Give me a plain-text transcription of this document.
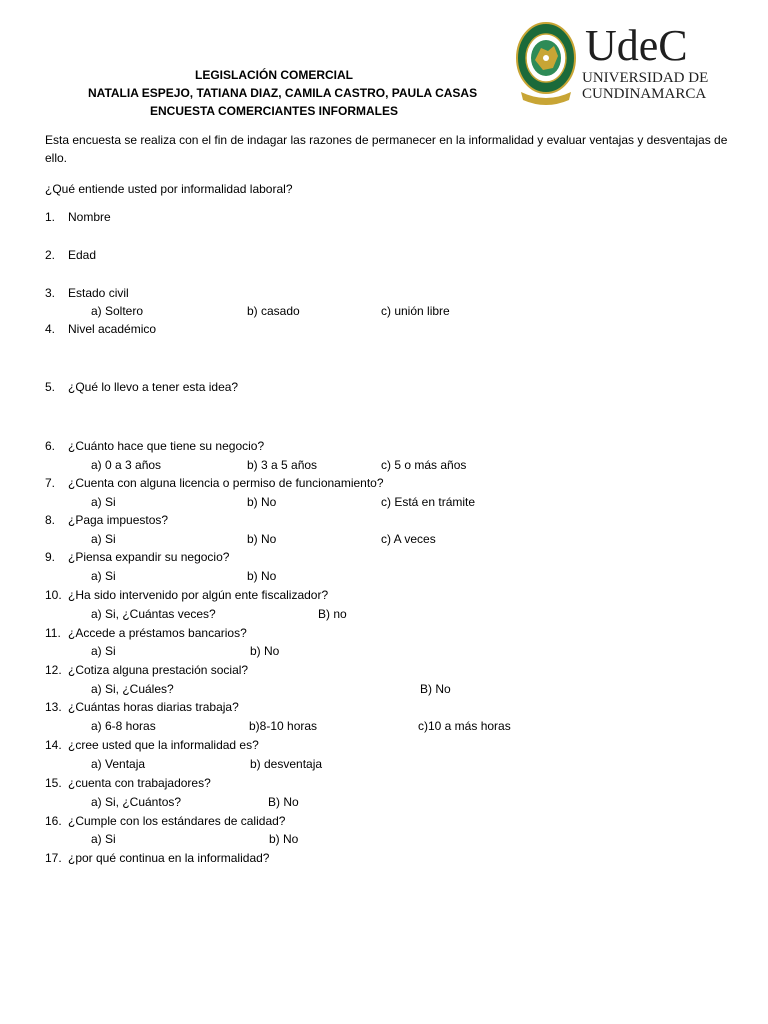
LEGISLACIÓN COMERCIAL
NATALIA ESPEJO, TATIANA DIAZ, CAMILA CASTRO, PAULA CASAS
ENCUESTA COMERCIANTES INFORMALES
UdeC
UNIVERSIDAD DE
CUNDINAMARCA
Esta encuesta se realiza con el fin de indagar las razones de permanecer en la informalidad y evaluar ventajas y desventajas de ello.
¿Qué entiende usted por informalidad laboral?
1. Nombre
2. Edad
3. Estado civil
a) Soltero	b) casado	c) unión libre
4. Nivel académico
5. ¿Qué lo llevo a tener esta idea?
6. ¿Cuánto hace que tiene su negocio?
a) 0 a 3 años	b) 3 a 5 años	c) 5 o más años
7. ¿Cuenta con alguna licencia o permiso de funcionamiento?
a) Si	b) No	c) Está en trámite
8. ¿Paga impuestos?
a) Si	b) No	c) A veces
9. ¿Piensa expandir su negocio?
a) Si	b) No
10. ¿Ha sido intervenido por algún ente fiscalizador?
a) Si, ¿Cuántas veces?	B) no
11. ¿Accede a préstamos bancarios?
a) Si	b) No
12. ¿Cotiza alguna prestación social?
a) Si, ¿Cuáles?	B) No
13. ¿Cuántas horas diarias trabaja?
a) 6-8 horas	b)8-10 horas	c)10 a más horas
14. ¿cree usted que la informalidad es?
a) Ventaja	b) desventaja
15. ¿cuenta con trabajadores?
a) Si, ¿Cuántos?	B) No
16. ¿Cumple con los estándares de calidad?
a) Si	b) No
17. ¿por qué continua en la informalidad?
